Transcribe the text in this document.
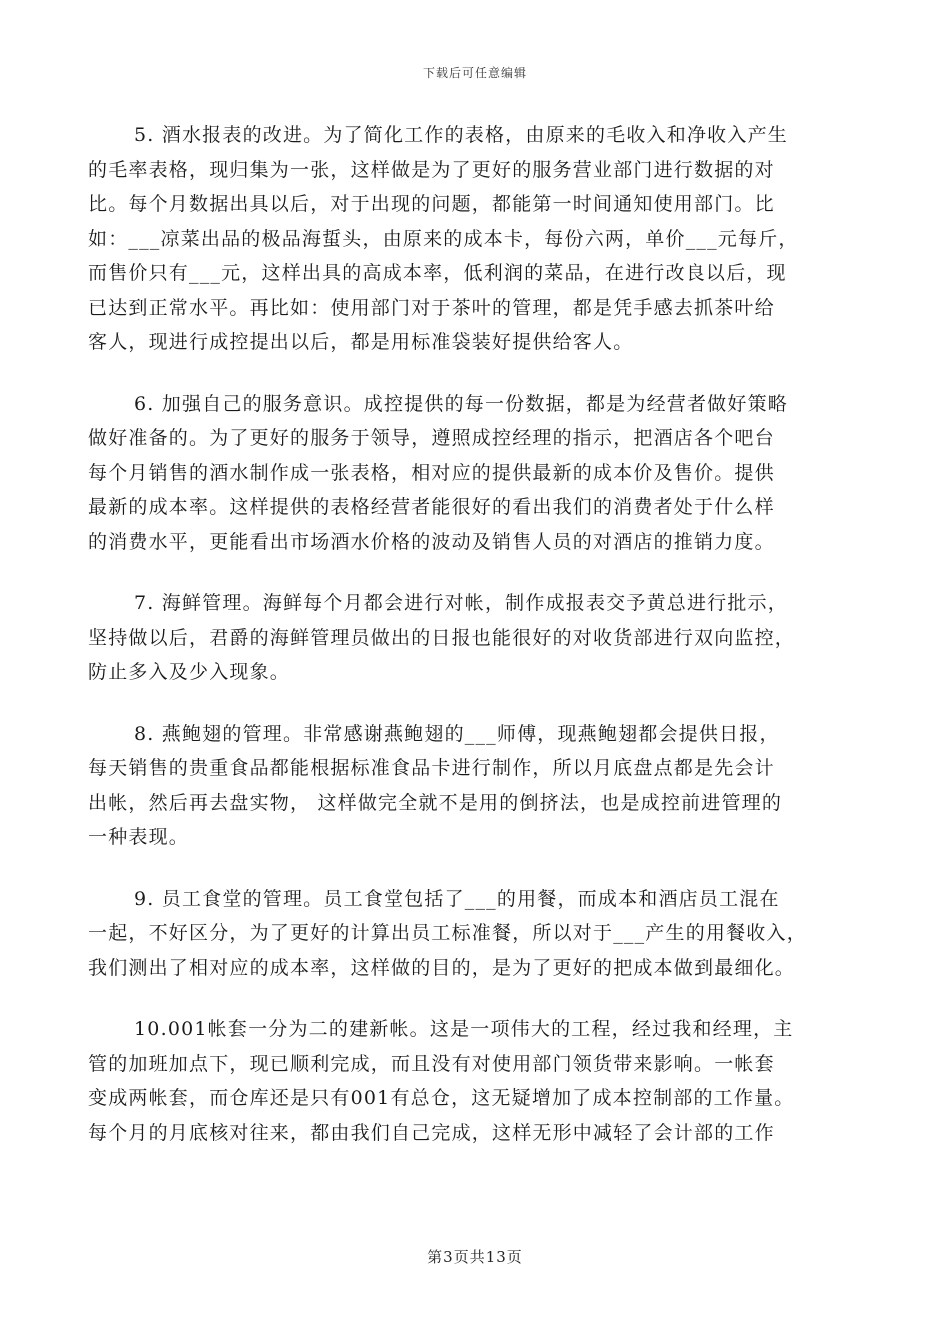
下载后可任意编辑
5. 酒水报表的改进。为了简化工作的表格，由原来的毛收入和净收入产生
的毛率表格，现归集为一张，这样做是为了更好的服务营业部门进行数据的对
比。每个月数据出具以后，对于出现的问题，都能第一时间通知使用部门。比
如：___凉菜出品的极品海蜇头，由原来的成本卡，每份六两，单价___元每斤，
而售价只有___元，这样出具的高成本率，低利润的菜品，在进行改良以后，现
已达到正常水平。再比如：使用部门对于茶叶的管理，都是凭手感去抓茶叶给
客人，现进行成控提出以后，都是用标准袋装好提供给客人。
6. 加强自己的服务意识。成控提供的每一份数据，都是为经营者做好策略
做好准备的。为了更好的服务于领导，遵照成控经理的指示，把酒店各个吧台
每个月销售的酒水制作成一张表格，相对应的提供最新的成本价及售价。提供
最新的成本率。这样提供的表格经营者能很好的看出我们的消费者处于什么样
的消费水平，更能看出市场酒水价格的波动及销售人员的对酒店的推销力度。
7. 海鲜管理。海鲜每个月都会进行对帐，制作成报表交予黄总进行批示，
坚持做以后，君爵的海鲜管理员做出的日报也能很好的对收货部进行双向监控，
防止多入及少入现象。
8. 燕鲍翅的管理。非常感谢燕鲍翅的___师傅，现燕鲍翅都会提供日报，
每天销售的贵重食品都能根据标准食品卡进行制作，所以月底盘点都是先会计
出帐，然后再去盘实物， 这样做完全就不是用的倒挤法，也是成控前进管理的
一种表现。
9. 员工食堂的管理。员工食堂包括了___的用餐，而成本和酒店员工混在
一起，不好区分，为了更好的计算出员工标准餐，所以对于___产生的用餐收入，
我们测出了相对应的成本率，这样做的目的，是为了更好的把成本做到最细化。
10.001帐套一分为二的建新帐。这是一项伟大的工程，经过我和经理，主
管的加班加点下，现已顺利完成，而且没有对使用部门领货带来影响。一帐套
变成两帐套，而仓库还是只有001有总仓，这无疑增加了成本控制部的工作量。
每个月的月底核对往来，都由我们自己完成，这样无形中减轻了会计部的工作
第3页共13页
